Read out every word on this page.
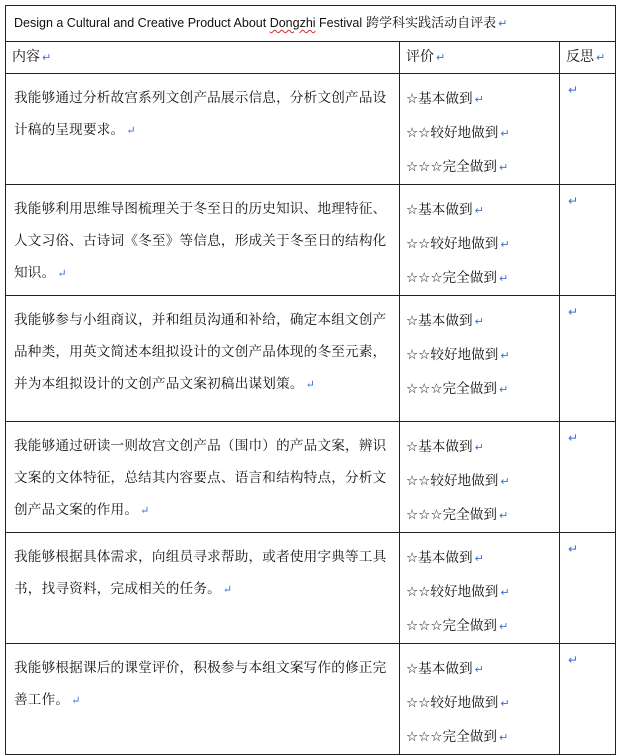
Design a Cultural and Creative Product About Dongzhi Festival 跨学科实践活动自评表 ↵		
内容 ↵	评价 ↵	反思 ↵
我能够通过分析故宫系列文创产品展示信息，分析文创产品设计稿的呈现要求。 ↵	☆基本做到 ↵
☆☆较好地做到 ↵
☆☆☆完全做到 ↵	↵
我能够利用思维导图梳理关于冬至日的历史知识、地理特征、人文习俗、古诗词《冬至》等信息，形成关于冬至日的结构化知识。 ↵	☆基本做到 ↵
☆☆较好地做到 ↵
☆☆☆完全做到 ↵	↵
我能够参与小组商议，并和组员沟通和补给，确定本组文创产品种类，用英文简述本组拟设计的文创产品体现的冬至元素，并为本组拟设计的文创产品文案初稿出谋划策。 ↵	☆基本做到 ↵
☆☆较好地做到 ↵
☆☆☆完全做到 ↵	↵
我能够通过研读一则故宫文创产品（围巾）的产品文案，辨识文案的文体特征，总结其内容要点、语言和结构特点，分析文创产品文案的作用。 ↵	☆基本做到 ↵
☆☆较好地做到 ↵
☆☆☆完全做到 ↵	↵
我能够根据具体需求，向组员寻求帮助，或者使用字典等工具书，找寻资料，完成相关的任务。 ↵	☆基本做到 ↵
☆☆较好地做到 ↵
☆☆☆完全做到 ↵	↵
我能够根据课后的课堂评价，积极参与本组文案写作的修正完善工作。 ↵	☆基本做到 ↵
☆☆较好地做到 ↵
☆☆☆完全做到 ↵	↵
